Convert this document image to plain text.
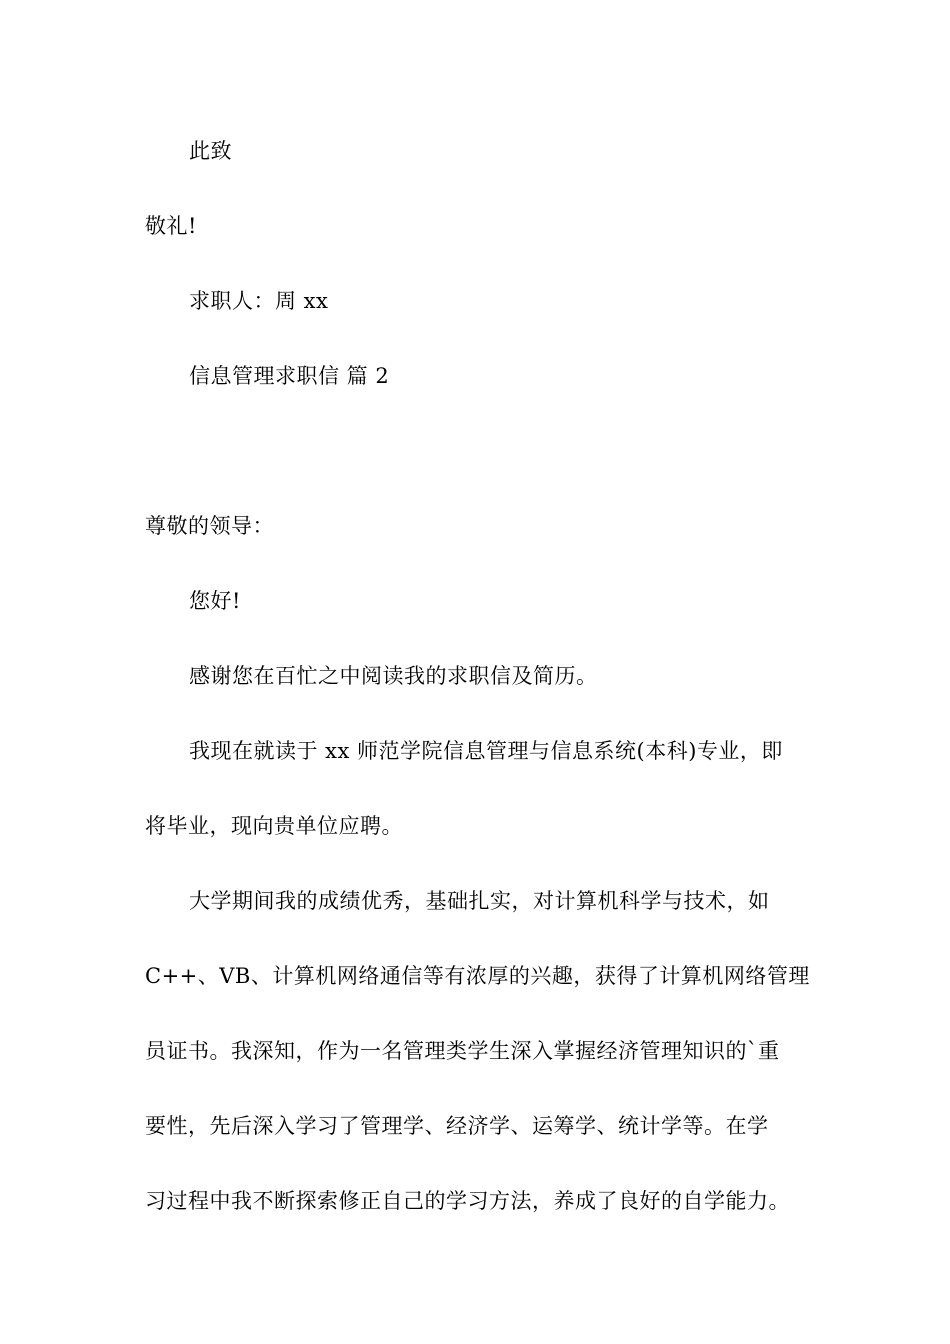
此致
敬礼!
求职人：周 xx
信息管理求职信 篇 2
尊敬的领导：
您好!
感谢您在百忙之中阅读我的求职信及简历。
我现在就读于 xx 师范学院信息管理与信息系统(本科)专业，即
将毕业，现向贵单位应聘。
大学期间我的成绩优秀，基础扎实，对计算机科学与技术，如
C++、VB、计算机网络通信等有浓厚的兴趣，获得了计算机网络管理
员证书。我深知，作为一名管理类学生深入掌握经济管理知识的`重
要性，先后深入学习了管理学、经济学、运筹学、统计学等。在学
习过程中我不断探索修正自己的学习方法，养成了良好的自学能力。
